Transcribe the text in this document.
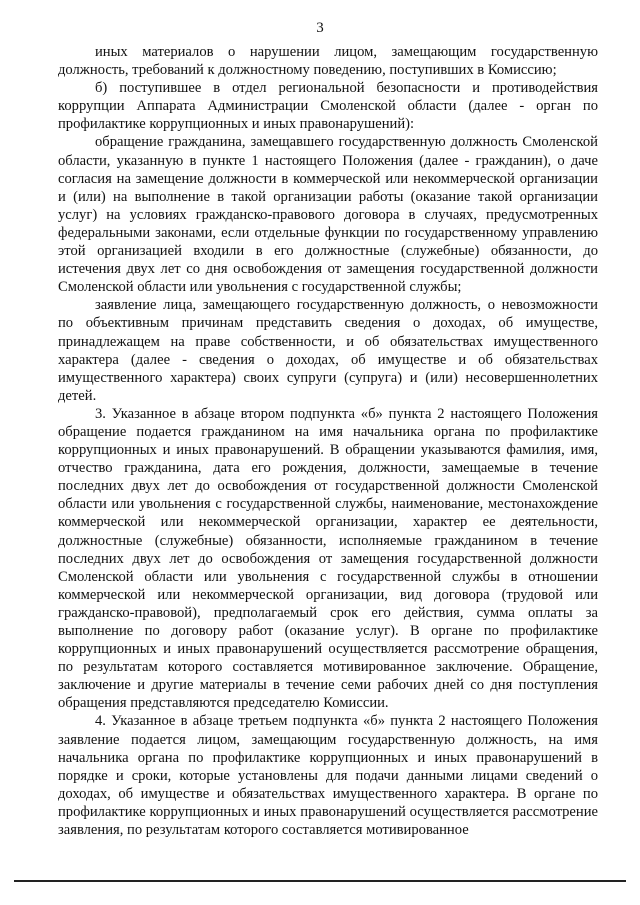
3

иных материалов о нарушении лицом, замещающим государственную должность, требований к должностному поведению, поступивших в Комиссию;

б) поступившее в отдел региональной безопасности и противодействия коррупции Аппарата Администрации Смоленской области (далее - орган по профилактике коррупционных и иных правонарушений):

обращение гражданина, замещавшего государственную должность Смоленской области, указанную в пункте 1 настоящего Положения (далее - гражданин), о даче согласия на замещение должности в коммерческой или некоммерческой организации и (или) на выполнение в такой организации работы (оказание такой организации услуг) на условиях гражданско-правового договора в случаях, предусмотренных федеральными законами, если отдельные функции по государственному управлению этой организацией входили в его должностные (служебные) обязанности, до истечения двух лет со дня освобождения от замещения государственной должности Смоленской области или увольнения с государственной службы;

заявление лица, замещающего государственную должность, о невозможности по объективным причинам представить сведения о доходах, об имуществе, принадлежащем на праве собственности, и об обязательствах имущественного характера (далее - сведения о доходах, об имуществе и об обязательствах имущественного характера) своих супруги (супруга) и (или) несовершеннолетних детей.

3. Указанное в абзаце втором подпункта «б» пункта 2 настоящего Положения обращение подается гражданином на имя начальника органа по профилактике коррупционных и иных правонарушений. В обращении указываются фамилия, имя, отчество гражданина, дата его рождения, должности, замещаемые в течение последних двух лет до освобождения от государственной должности Смоленской области или увольнения с государственной службы, наименование, местонахождение коммерческой или некоммерческой организации, характер ее деятельности, должностные (служебные) обязанности, исполняемые гражданином в течение последних двух лет до освобождения от замещения государственной должности Смоленской области или увольнения с государственной службы в отношении коммерческой или некоммерческой организации, вид договора (трудовой или гражданско-правовой), предполагаемый срок его действия, сумма оплаты за выполнение по договору работ (оказание услуг). В органе по профилактике коррупционных и иных правонарушений осуществляется рассмотрение обращения, по результатам которого составляется мотивированное заключение. Обращение, заключение и другие материалы в течение семи рабочих дней со дня поступления обращения представляются председателю Комиссии.

4. Указанное в абзаце третьем подпункта «б» пункта 2 настоящего Положения заявление подается лицом, замещающим государственную должность, на имя начальника органа по профилактике коррупционных и иных правонарушений в порядке и сроки, которые установлены для подачи данными лицами сведений о доходах, об имуществе и обязательствах имущественного характера. В органе по профилактике коррупционных и иных правонарушений осуществляется рассмотрение заявления, по результатам которого составляется мотивированное
